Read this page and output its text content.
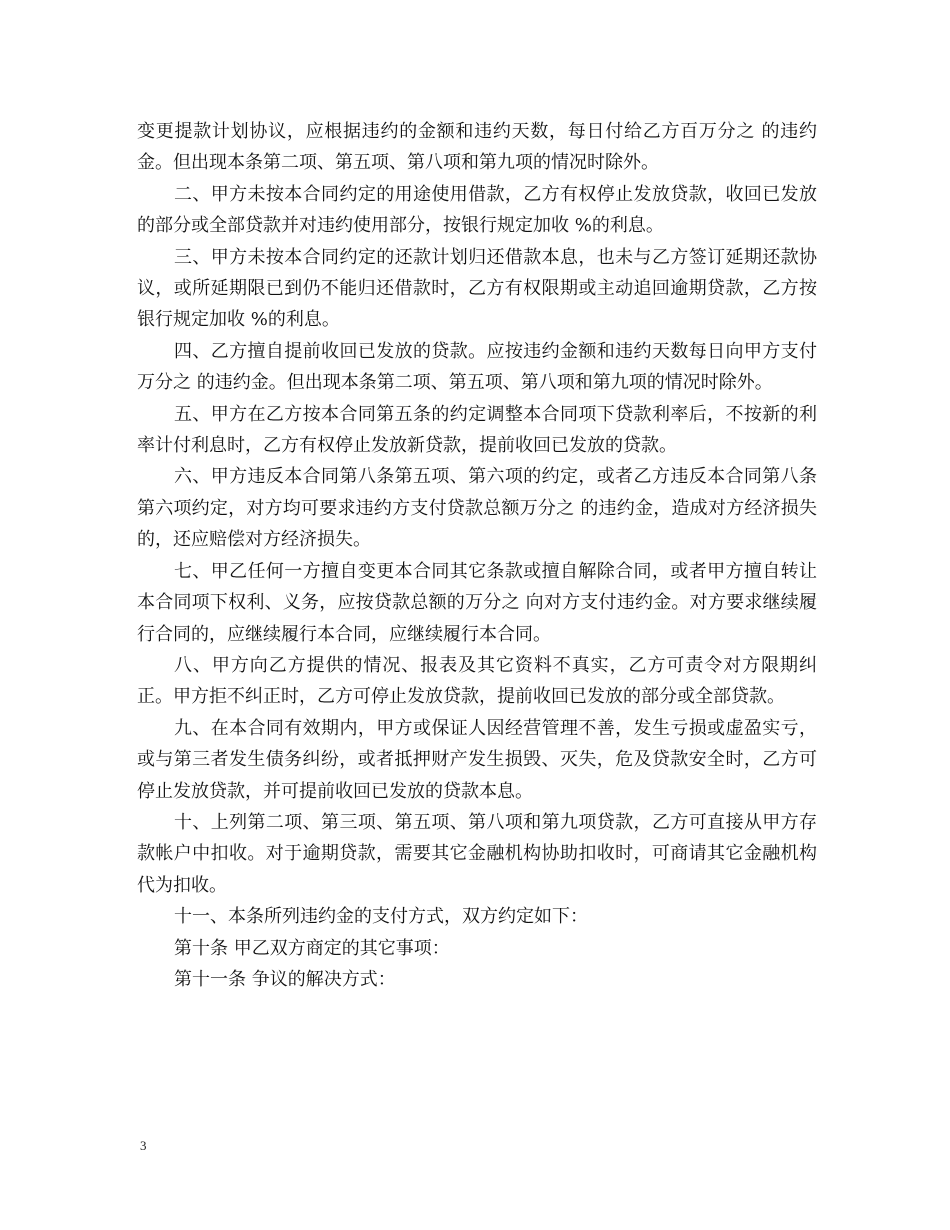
变更提款计划协议，应根据违约的金额和违约天数，每日付给乙方百万分之 的违约金。但出现本条第二项、第五项、第八项和第九项的情况时除外。

二、甲方未按本合同约定的用途使用借款，乙方有权停止发放贷款，收回已发放的部分或全部贷款并对违约使用部分，按银行规定加收 %的利息。

三、甲方未按本合同约定的还款计划归还借款本息，也未与乙方签订延期还款协议，或所延期限已到仍不能归还借款时，乙方有权限期或主动追回逾期贷款，乙方按银行规定加收 %的利息。

四、乙方擅自提前收回已发放的贷款。应按违约金额和违约天数每日向甲方支付万分之 的违约金。但出现本条第二项、第五项、第八项和第九项的情况时除外。

五、甲方在乙方按本合同第五条的约定调整本合同项下贷款利率后，不按新的利率计付利息时，乙方有权停止发放新贷款，提前收回已发放的贷款。

六、甲方违反本合同第八条第五项、第六项的约定，或者乙方违反本合同第八条第六项约定，对方均可要求违约方支付贷款总额万分之 的违约金，造成对方经济损失的，还应赔偿对方经济损失。

七、甲乙任何一方擅自变更本合同其它条款或擅自解除合同，或者甲方擅自转让本合同项下权利、义务，应按贷款总额的万分之 向对方支付违约金。对方要求继续履行合同的，应继续履行本合同，应继续履行本合同。

八、甲方向乙方提供的情况、报表及其它资料不真实，乙方可责令对方限期纠正。甲方拒不纠正时，乙方可停止发放贷款，提前收回已发放的部分或全部贷款。

九、在本合同有效期内，甲方或保证人因经营管理不善，发生亏损或虚盈实亏，或与第三者发生债务纠纷，或者抵押财产发生损毁、灭失，危及贷款安全时，乙方可停止发放贷款，并可提前收回已发放的贷款本息。

十、上列第二项、第三项、第五项、第八项和第九项贷款，乙方可直接从甲方存款帐户中扣收。对于逾期贷款，需要其它金融机构协助扣收时，可商请其它金融机构代为扣收。

十一、本条所列违约金的支付方式，双方约定如下：

第十条 甲乙双方商定的其它事项：

第十一条 争议的解决方式：

3
